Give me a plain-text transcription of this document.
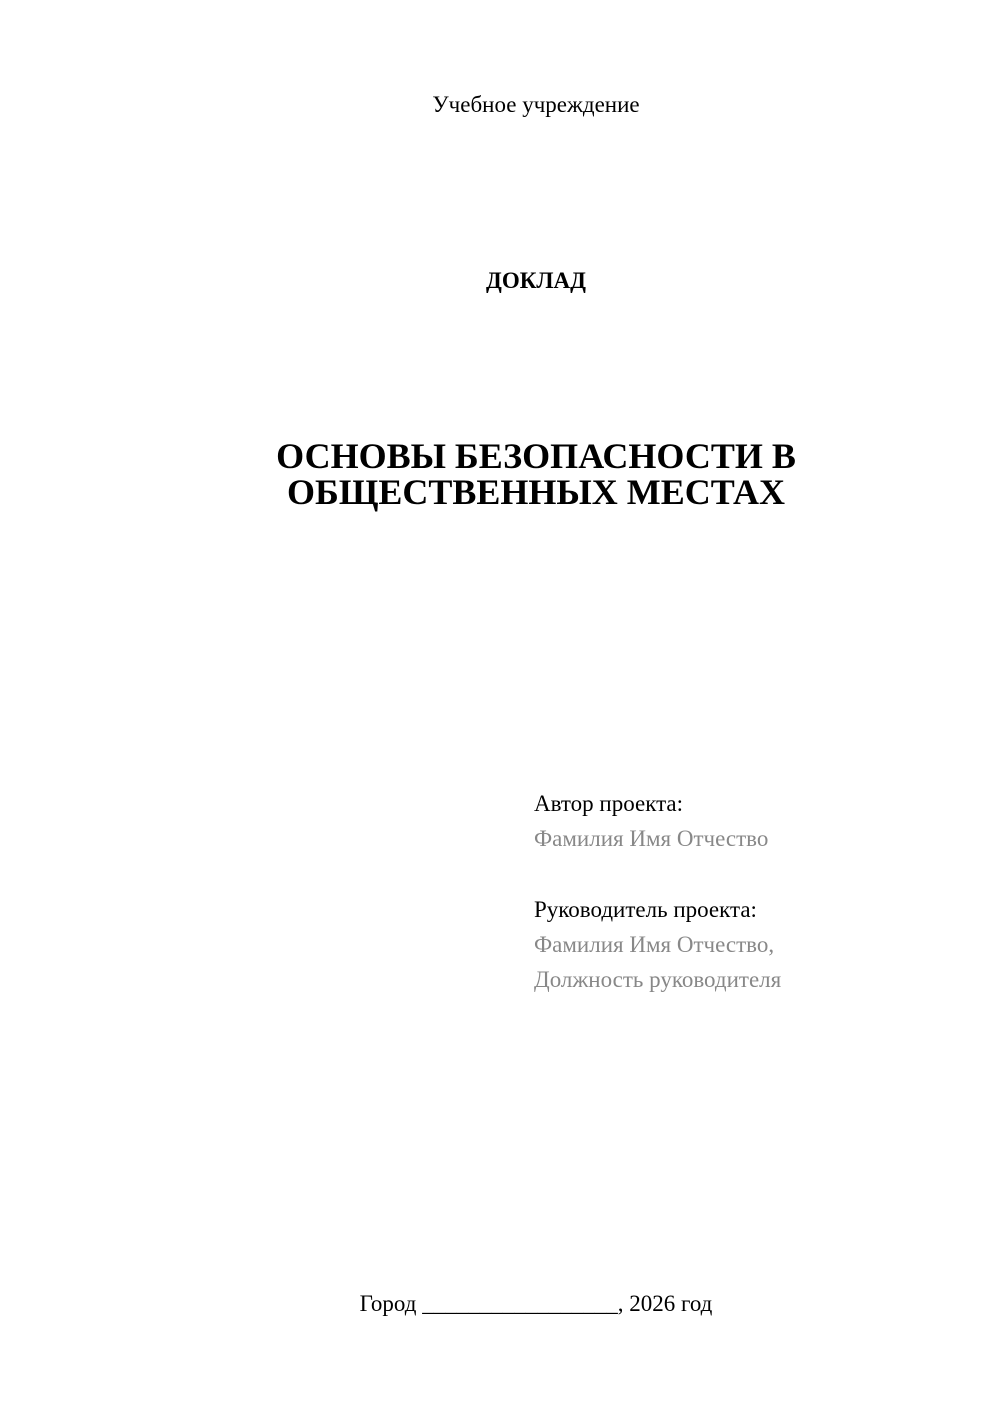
Учебное учреждение
ДОКЛАД
ОСНОВЫ БЕЗОПАСНОСТИ В
ОБЩЕСТВЕННЫХ МЕСТАХ
Автор проекта:
Фамилия Имя Отчество
Руководитель проекта:
Фамилия Имя Отчество,
Должность руководителя
Город _________________, 2026 год
